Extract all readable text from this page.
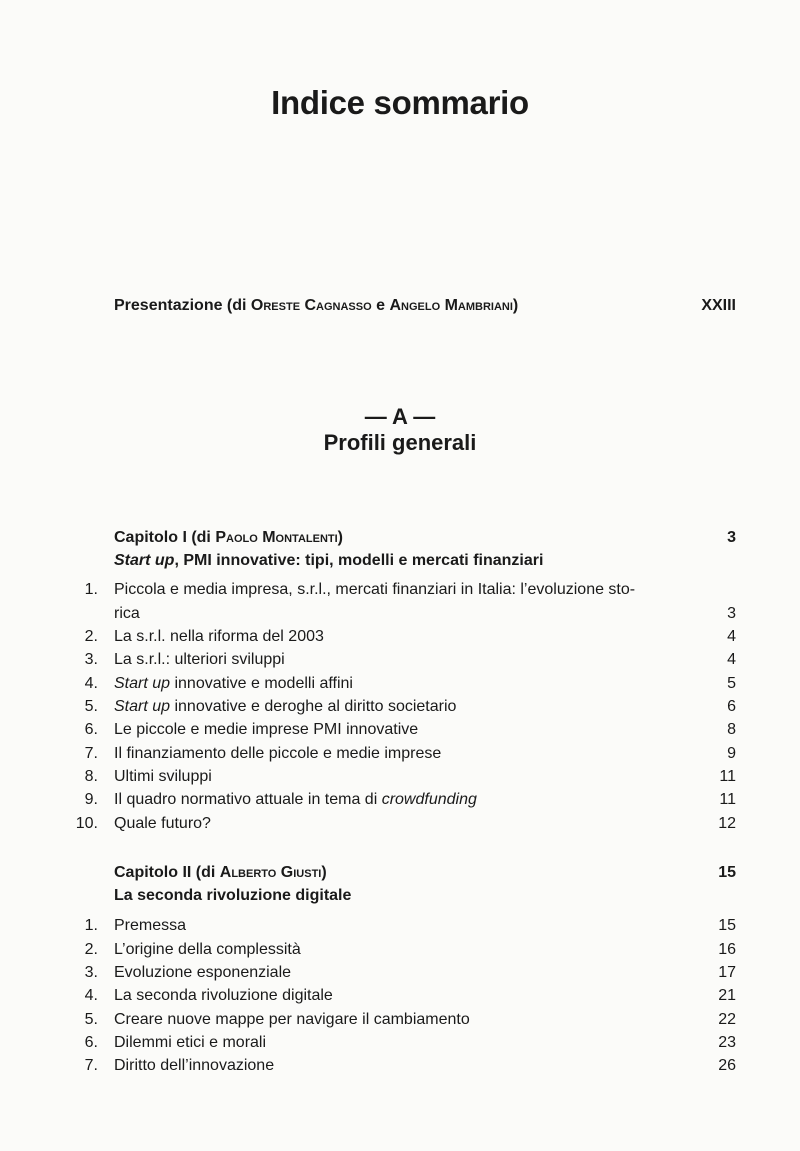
Indice sommario
Presentazione (di Oreste Cagnasso e Angelo Mambriani)	XXIII
— A —
Profili generali
Capitolo I (di Paolo Montalenti)	3
Start up, PMI innovative: tipi, modelli e mercati finanziari
1. Piccola e media impresa, s.r.l., mercati finanziari in Italia: l’evoluzione sto-
rica	3
2. La s.r.l. nella riforma del 2003	4
3. La s.r.l.: ulteriori sviluppi	4
4. Start up innovative e modelli affini	5
5. Start up innovative e deroghe al diritto societario	6
6. Le piccole e medie imprese PMI innovative	8
7. Il finanziamento delle piccole e medie imprese	9
8. Ultimi sviluppi	11
9. Il quadro normativo attuale in tema di crowdfunding	11
10. Quale futuro?	12
Capitolo II (di Alberto Giusti)	15
La seconda rivoluzione digitale
1. Premessa	15
2. L’origine della complessità	16
3. Evoluzione esponenziale	17
4. La seconda rivoluzione digitale	21
5. Creare nuove mappe per navigare il cambiamento	22
6. Dilemmi etici e morali	23
7. Diritto dell’innovazione	26
